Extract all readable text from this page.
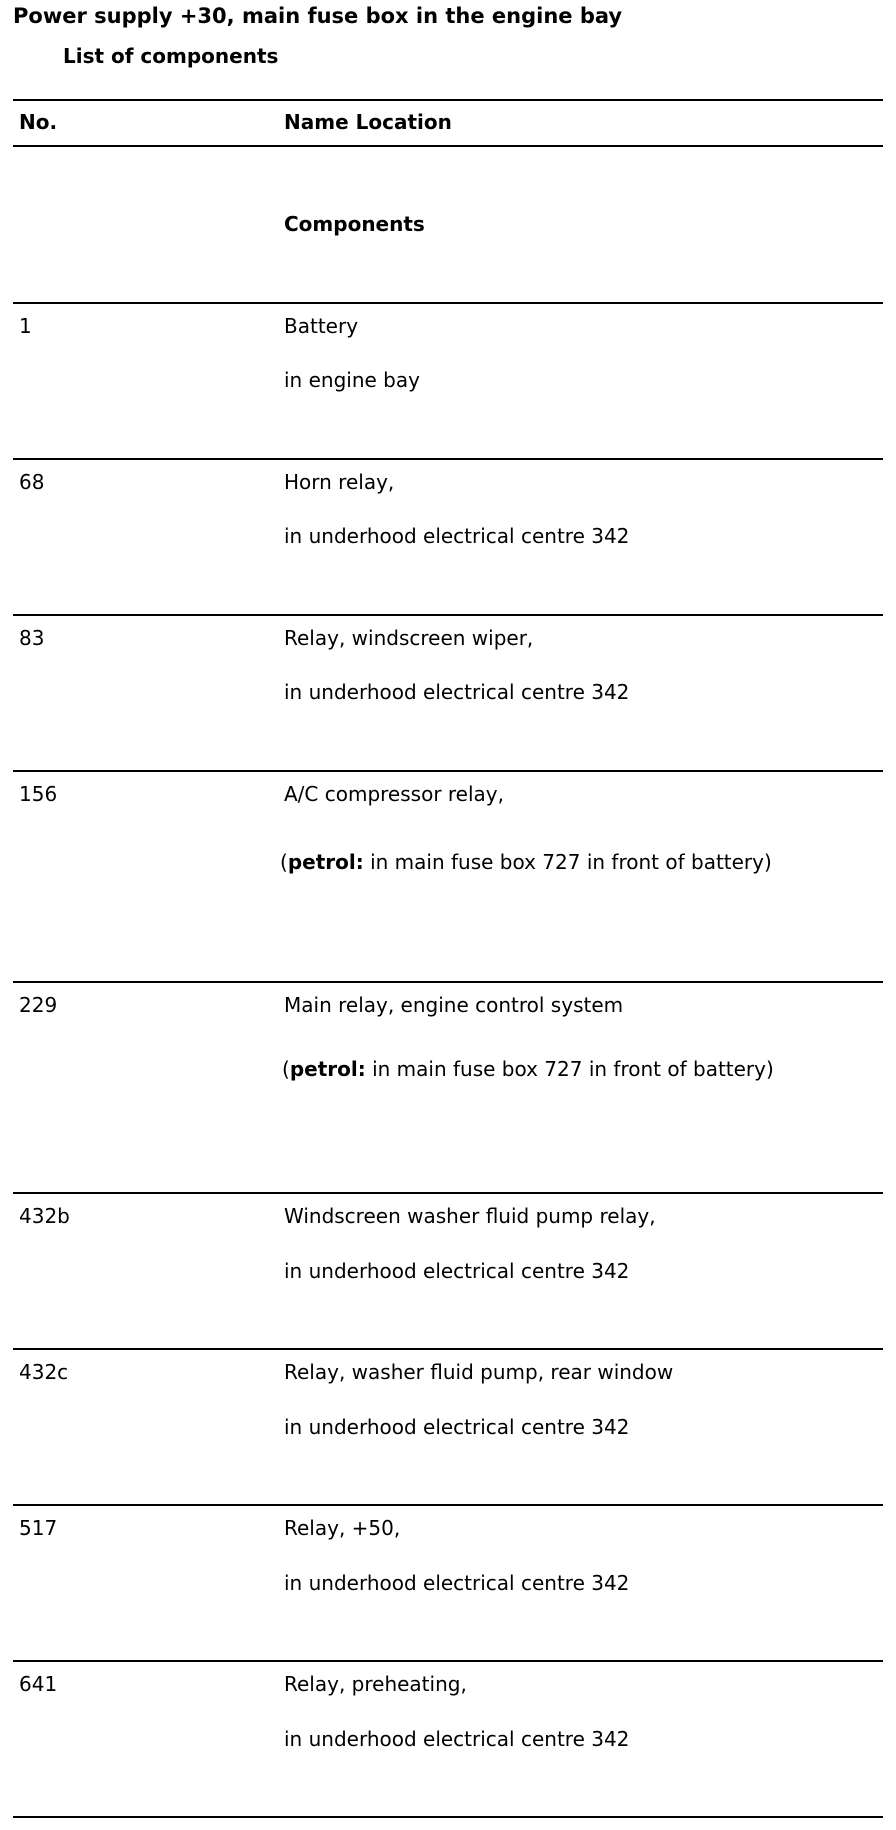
Power supply +30, main fuse box in the engine bay
List of components
No.	Name Location
Components
1	Battery
in engine bay
68	Horn relay,
in underhood electrical centre 342
83	Relay, windscreen wiper,
in underhood electrical centre 342
156	A/C compressor relay,
(petrol: in main fuse box 727 in front of battery)
229	Main relay, engine control system
(petrol: in main fuse box 727 in front of battery)
432b	Windscreen washer fluid pump relay,
in underhood electrical centre 342
432c	Relay, washer fluid pump, rear window
in underhood electrical centre 342
517	Relay, +50,
in underhood electrical centre 342
641	Relay, preheating,
in underhood electrical centre 342
